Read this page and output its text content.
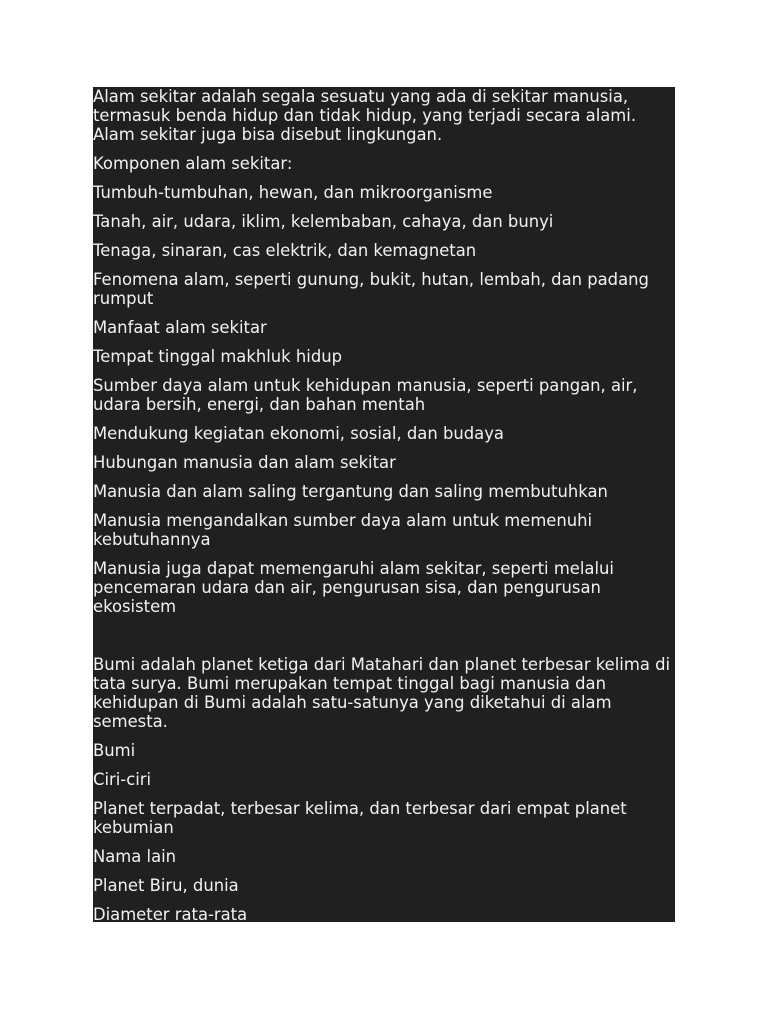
Alam sekitar adalah segala sesuatu yang ada di sekitar manusia, termasuk benda hidup dan tidak hidup, yang terjadi secara alami. Alam sekitar juga bisa disebut lingkungan.

Komponen alam sekitar:

Tumbuh-tumbuhan, hewan, dan mikroorganisme

Tanah, air, udara, iklim, kelembaban, cahaya, dan bunyi

Tenaga, sinaran, cas elektrik, dan kemagnetan

Fenomena alam, seperti gunung, bukit, hutan, lembah, dan padang rumput

Manfaat alam sekitar

Tempat tinggal makhluk hidup

Sumber daya alam untuk kehidupan manusia, seperti pangan, air, udara bersih, energi, dan bahan mentah

Mendukung kegiatan ekonomi, sosial, dan budaya

Hubungan manusia dan alam sekitar

Manusia dan alam saling tergantung dan saling membutuhkan

Manusia mengandalkan sumber daya alam untuk memenuhi kebutuhannya

Manusia juga dapat memengaruhi alam sekitar, seperti melalui pencemaran udara dan air, pengurusan sisa, dan pengurusan ekosistem

Bumi adalah planet ketiga dari Matahari dan planet terbesar kelima di tata surya. Bumi merupakan tempat tinggal bagi manusia dan kehidupan di Bumi adalah satu-satunya yang diketahui di alam semesta.

Bumi

Ciri-ciri

Planet terpadat, terbesar kelima, dan terbesar dari empat planet kebumian

Nama lain

Planet Biru, dunia

Diameter rata-rata
